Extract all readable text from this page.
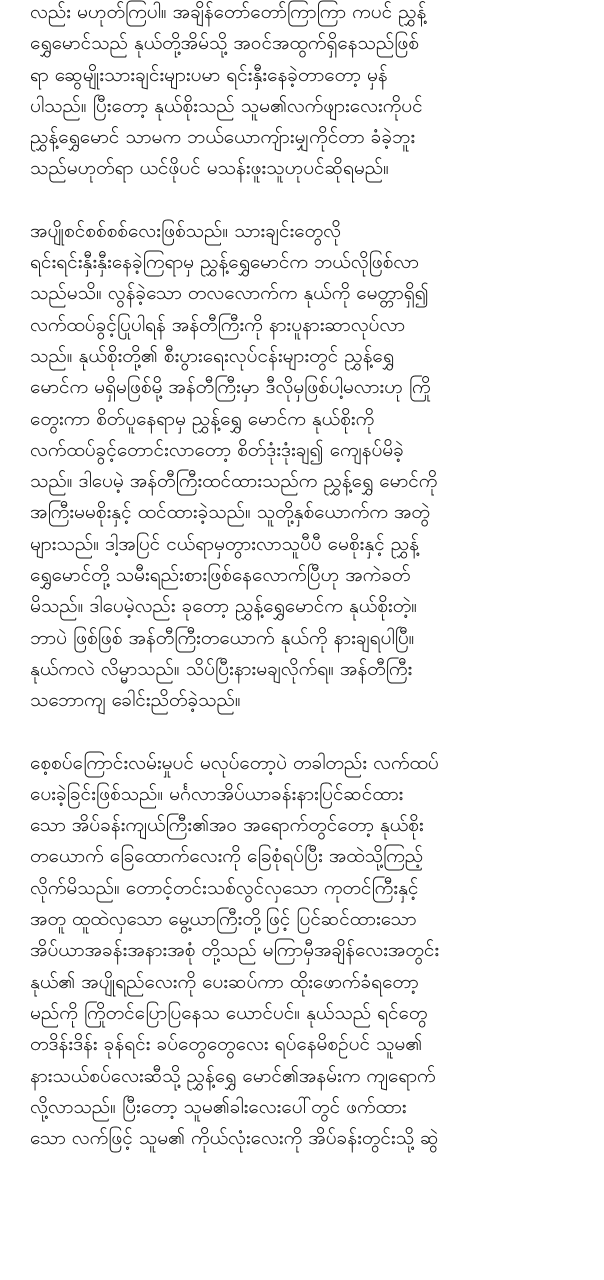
လည်း မဟုတ်ကြပါ။ အချိန်တော်တော်ကြာကြာ ကပင် ညွှန့်
ရွှေမောင်သည် နုယ်တို့အိမ်သို့ အဝင်အထွက်ရှိနေသည်ဖြစ်
ရာ ဆွေမျိုးသားချင်းများပမာ ရင်းနှီးနေခဲ့တာတော့ မှန်
ပါသည်။ ပြီးတော့ နုယ်စိုးသည် သူမ၏လက်ဖျားလေးကိုပင်
ညွှန့်ရွှေမောင် သာမက ဘယ်ယောကျ်ားမျှကိုင်တာ ခံခဲ့ဘူး
သည်မဟုတ်ရာ ယင်ဖိုပင် မသန်းဖူးသူဟုပင်ဆိုရမည်။
အပျိုစင်စစ်စစ်လေးဖြစ်သည်။ သားချင်းတွေလို
ရင်းရင်းနှီးနှီးနေခဲ့ကြရာမှ ညွှန့်ရွှေမောင်က ဘယ်လိုဖြစ်လာ
သည်မသိ။ လွန်ခဲ့သော တလလောက်က နုယ်ကို မေတ္တာရှိ၍
လက်ထပ်ခွင့်ပြုပါရန် အန်တီကြီးကို နားပူနားဆာလုပ်လာ
သည်။ နုယ်စိုးတို့၏ စီးပွားရေးလုပ်ငန်းများတွင် ညွှန့်ရွှေ
မောင်က မရှိမဖြစ်မို့ အန်တီကြီးမှာ ဒီလိုမှဖြစ်ပါ့မလားဟု ကြို
တွေးကာ စိတ်ပူနေရာမှ ညွှန့်ရွှေ မောင်က နုယ်စိုးကို
လက်ထပ်ခွင့်တောင်းလာတော့ စိတ်ဒုံးဒုံးချ၍ ကျေနပ်မိခဲ့
သည်။ ဒါပေမဲ့ အန်တီကြီးထင်ထားသည်က ညွှန့်ရွှေ မောင်ကို
အကြီးမမစိုးနှင့် ထင်ထားခဲ့သည်။ သူတို့နှစ်ယောက်က အတွဲ
များသည်။ ဒါ့အပြင် ငယ်ရာမှတွားလာသူပီပီ မေစိုးနှင့် ညွှန့်
ရွှေမောင်တို့ သမီးရည်းစားဖြစ်နေလောက်ပြီဟု အကဲခတ်
မိသည်။ ဒါပေမဲ့လည်း ခုတော့ ညွှန့်ရွှေမောင်က နုယ်စိုးတဲ့။
ဘာပဲ ဖြစ်ဖြစ် အန်တီကြီးတယောက် နုယ်ကို နားချရပါပြီ။
နုယ်ကလဲ လိမ္မာသည်။ သိပ်ပြီးနားမချလိုက်ရ။ အန်တီကြီး
သဘောကျ ခေါင်းညိတ်ခဲ့သည်။
စေ့စပ်ကြောင်းလမ်းမှုပင် မလုပ်တော့ပဲ တခါတည်း လက်ထပ်
ပေးခဲ့ခြင်းဖြစ်သည်။ မင်္ဂလာအိပ်ယာခန်းနားပြင်ဆင်ထား
သော အိပ်ခန်းကျယ်ကြီး၏အဝ အရောက်တွင်တော့ နုယ်စိုး
တယောက် ခြေထောက်လေးကို ခြေစုံရပ်ပြီး အထဲသို့ကြည့်
လိုက်မိသည်။ တောင့်တင်းသစ်လွင်လှသော ကုတင်ကြီးနှင့်
အတူ ထူထဲလှသော မွေ့ယာကြီးတို့ဖြင့် ပြင်ဆင်ထားသော
အိပ်ယာအခန်းအနားအစုံ တို့သည် မကြာမှီအချိန်လေးအတွင်း
နုယ်၏ အပျိုရည်လေးကို ပေးဆပ်ကာ ထိုးဖောက်ခံရတော့
မည်ကို ကြိုတင်ပြောပြနေသ ယောင်ပင်။ နုယ်သည် ရင်တွေ
တဒိန်းဒိန်း ခုန်ရင်း ခပ်တွေတွေလေး ရပ်နေမိစဉ်ပင် သူမ၏
နားသယ်စပ်လေးဆီသို့ ညွှန့်ရွှေ မောင်၏အနမ်းက ကျရောက်
လို့လာသည်။ ပြီးတော့ သူမ၏ခါးလေးပေါ်တွင် ဖက်ထား
သော လက်ဖြင့် သူမ၏ ကိုယ်လုံးလေးကို အိပ်ခန်းတွင်းသို့ ဆွဲ
